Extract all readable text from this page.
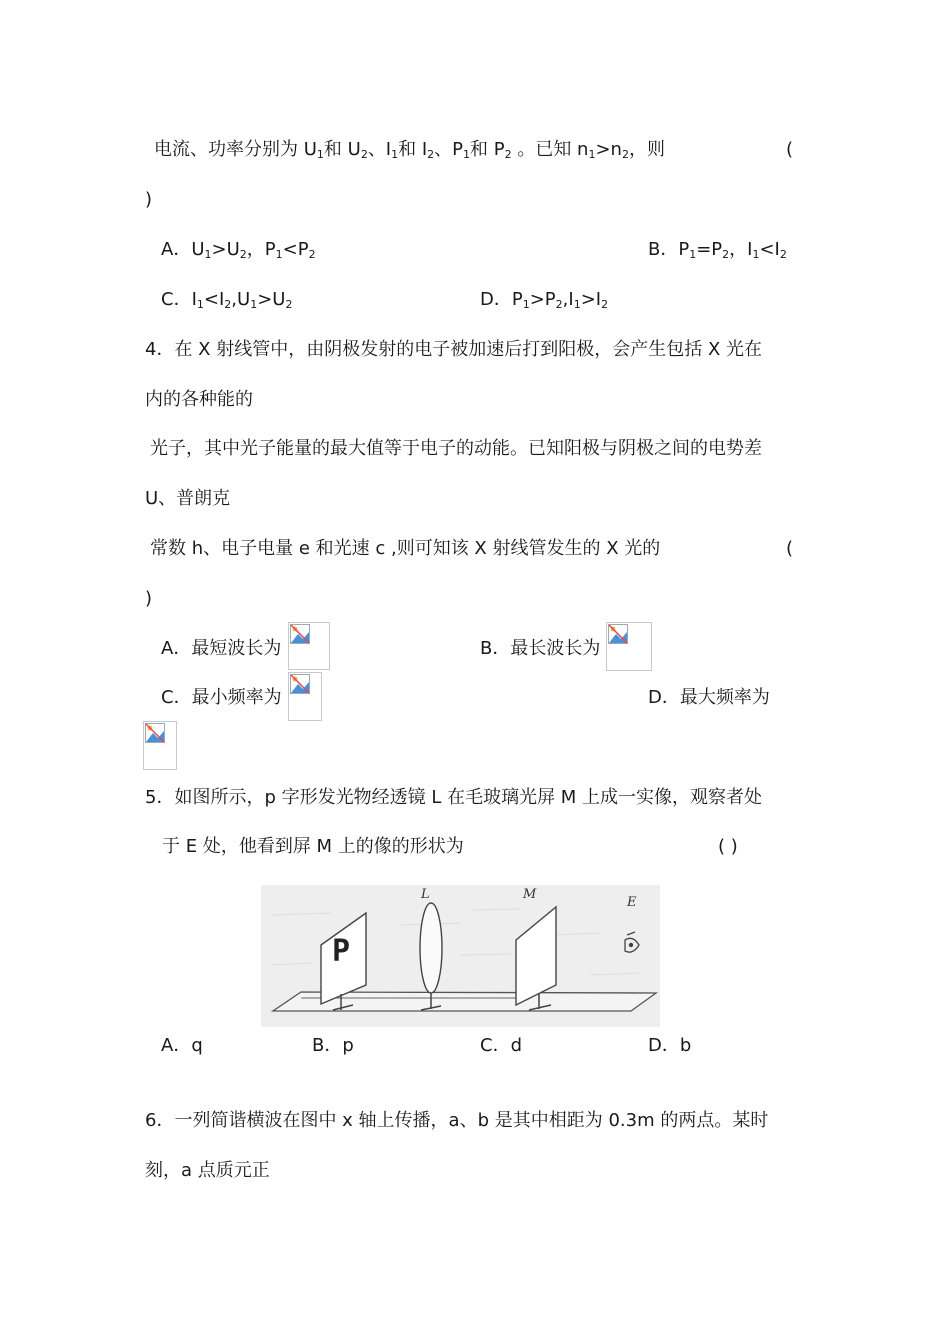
电流、功率分别为 $U_1$和 $U_2$、$I_1$和 $I_2$、$P_1$和 $P_2$ 。已知 $n_1>n_2$，则	(
)
A．$U_1>U_2$，$P_1<P_2$	B．$P_1=P_2$，$I_1<I_2$
C．$I_1<I_2,U_1>U_2$	D．$P_1>P_2,I_1>I_2$
4．在 X 射线管中，由阴极发射的电子被加速后打到阳极，会产生包括 X 光在
内的各种能的
光子，其中光子能量的最大值等于电子的动能。已知阳极与阴极之间的电势差
U、普朗克
常数 h、电子电量 e 和光速 c ,则可知该 X 射线管发生的 X 光的	(
)
A．最短波长为	B．最长波长为
C．最小频率为	D．最大频率为
5．如图所示，p 字形发光物经透镜 L 在毛玻璃光屏 M 上成一实像，观察者处
于 E 处，他看到屏 M 上的像的形状为	( )
P
L	M
E
A．q	B．p	C．d	D．b
6．一列简谐横波在图中 x 轴上传播，a、b 是其中相距为 0.3m 的两点。某时
刻，a 点质元正
